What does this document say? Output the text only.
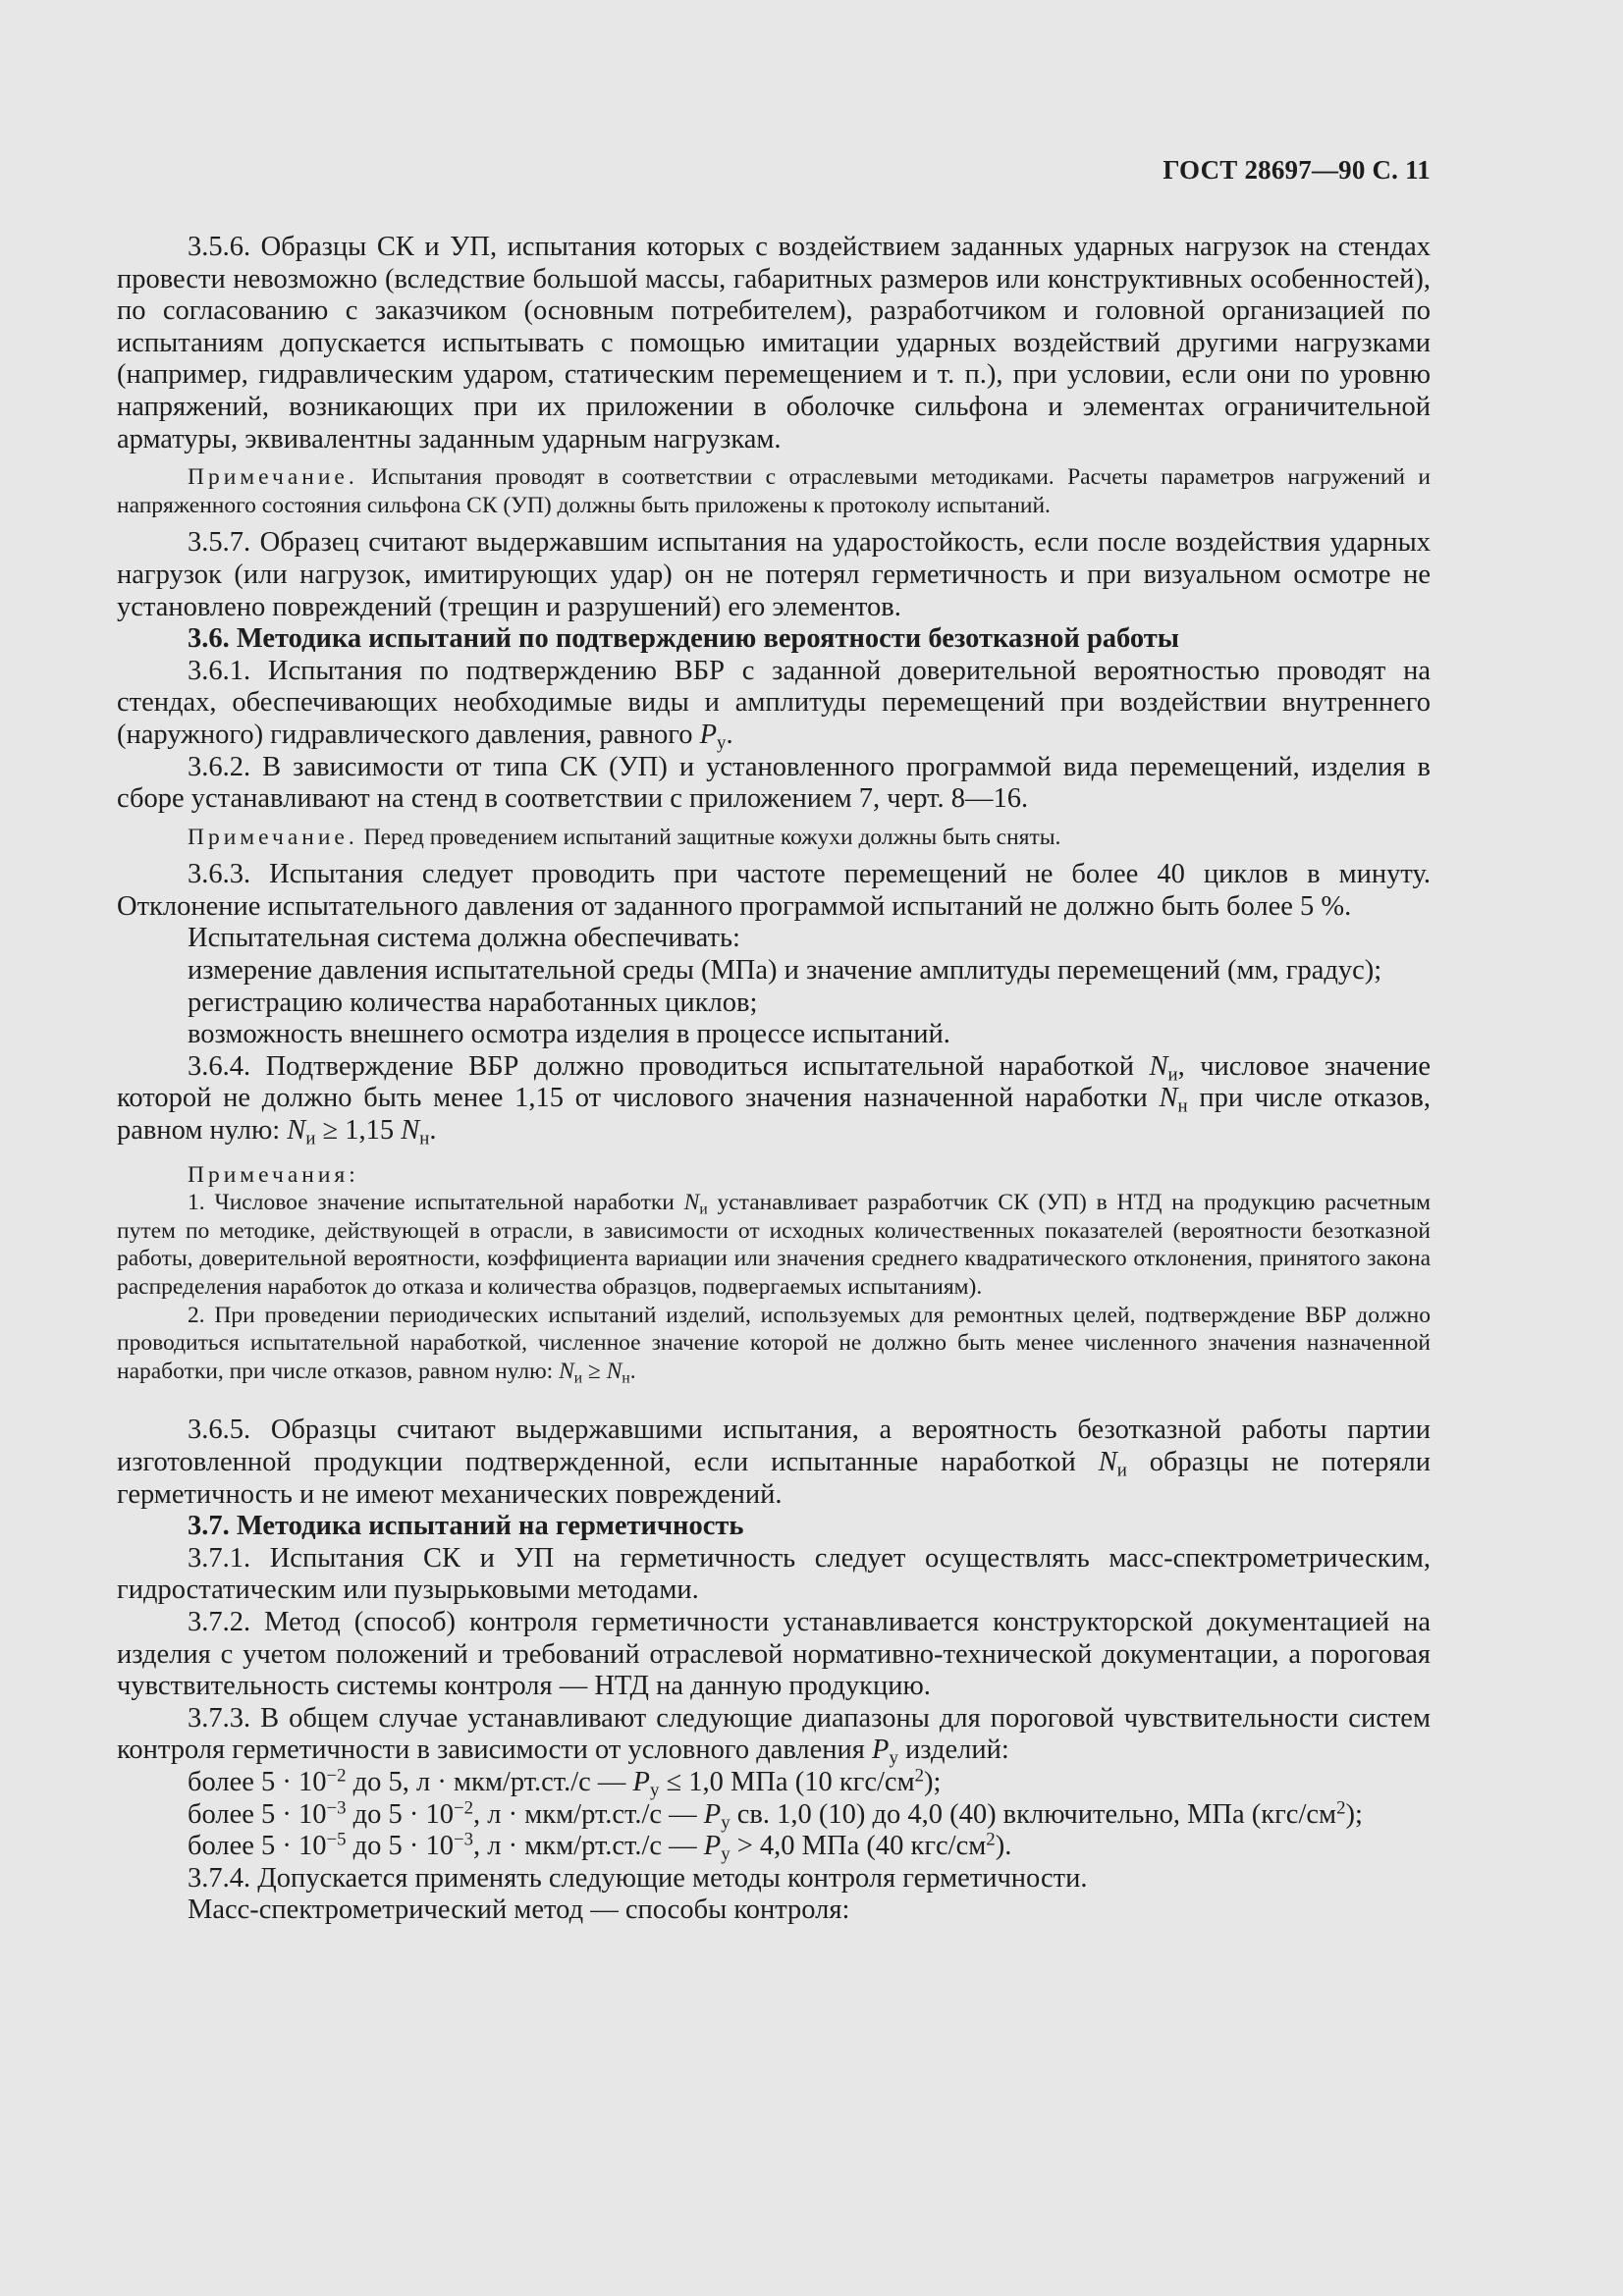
ГОСТ 28697—90 С. 11

3.5.6. Образцы СК и УП, испытания которых с воздействием заданных ударных нагрузок на стендах провести невозможно (вследствие большой массы, габаритных размеров или конструктивных особенностей), по согласованию с заказчиком (основным потребителем), разработчиком и головной организацией по испытаниям допускается испытывать с помощью имитации ударных воздействий другими нагрузками (например, гидравлическим ударом, статическим перемещением и т. п.), при условии, если они по уровню напряжений, возникающих при их приложении в оболочке сильфона и элементах ограничительной арматуры, эквивалентны заданным ударным нагрузкам.

Примечание. Испытания проводят в соответствии с отраслевыми методиками. Расчеты параметров нагружений и напряженного состояния сильфона СК (УП) должны быть приложены к протоколу испытаний.

3.5.7. Образец считают выдержавшим испытания на ударостойкость, если после воздействия ударных нагрузок (или нагрузок, имитирующих удар) он не потерял герметичность и при визуальном осмотре не установлено повреждений (трещин и разрушений) его элементов.

3.6. Методика испытаний по подтверждению вероятности безотказной работы

3.6.1. Испытания по подтверждению ВБР с заданной доверительной вероятностью проводят на стендах, обеспечивающих необходимые виды и амплитуды перемещений при воздействии внутреннего (наружного) гидравлического давления, равного $P_у$.

3.6.2. В зависимости от типа СК (УП) и установленного программой вида перемещений, изделия в сборе устанавливают на стенд в соответствии с приложением 7, черт. 8—16.

Примечание. Перед проведением испытаний защитные кожухи должны быть сняты.

3.6.3. Испытания следует проводить при частоте перемещений не более 40 циклов в минуту. Отклонение испытательного давления от заданного программой испытаний не должно быть более 5 %.

Испытательная система должна обеспечивать:

измерение давления испытательной среды (МПа) и значение амплитуды перемещений (мм, градус);

регистрацию количества наработанных циклов;

возможность внешнего осмотра изделия в процессе испытаний.

3.6.4. Подтверждение ВБР должно проводиться испытательной наработкой $N_и$, числовое значение которой не должно быть менее 1,15 от числового значения назначенной наработки $N_н$ при числе отказов, равном нулю: $N_и \ge 1,15$ $N_н$.

Примечания:

1. Числовое значение испытательной наработки $N_и$ устанавливает разработчик СК (УП) в НТД на продукцию расчетным путем по методике, действующей в отрасли, в зависимости от исходных количественных показателей (вероятности безотказной работы, доверительной вероятности, коэффициента вариации или значения среднего квадратического отклонения, принятого закона распределения наработок до отказа и количества образцов, подвергаемых испытаниям).

2. При проведении периодических испытаний изделий, используемых для ремонтных целей, подтверждение ВБР должно проводиться испытательной наработкой, численное значение которой не должно быть менее численного значения назначенной наработки, при числе отказов, равном нулю: $N_и \ge N_н$.

3.6.5. Образцы считают выдержавшими испытания, а вероятность безотказной работы партии изготовленной продукции подтвержденной, если испытанные наработкой $N_и$ образцы не потеряли герметичность и не имеют механических повреждений.

3.7. Методика испытаний на герметичность

3.7.1. Испытания СК и УП на герметичность следует осуществлять масс-спектрометрическим, гидростатическим или пузырьковыми методами.

3.7.2. Метод (способ) контроля герметичности устанавливается конструкторской документацией на изделия с учетом положений и требований отраслевой нормативно-технической документации, а пороговая чувствительность системы контроля — НТД на данную продукцию.

3.7.3. В общем случае устанавливают следующие диапазоны для пороговой чувствительности систем контроля герметичности в зависимости от условного давления $P_у$ изделий:

более $5 \cdot 10^{-2}$ до 5, л · мкм/рт.ст./с — $P_у \le 1,0$ МПа (10 кгс/$см^2$);

более $5 \cdot 10^{-3}$ до $5 \cdot 10^{-2}$, л · мкм/рт.ст./с — $P_у$ св. 1,0 (10) до 4,0 (40) включительно, МПа $(кгс/см^2)$;

более $5 \cdot 10^{-5}$ до $5 \cdot 10^{-3}$, л · мкм/рт.ст./с — $P_у > 4,0$ МПа (40 кгс/$см^2$).

3.7.4. Допускается применять следующие методы контроля герметичности.

Масс-спектрометрический метод — способы контроля:
